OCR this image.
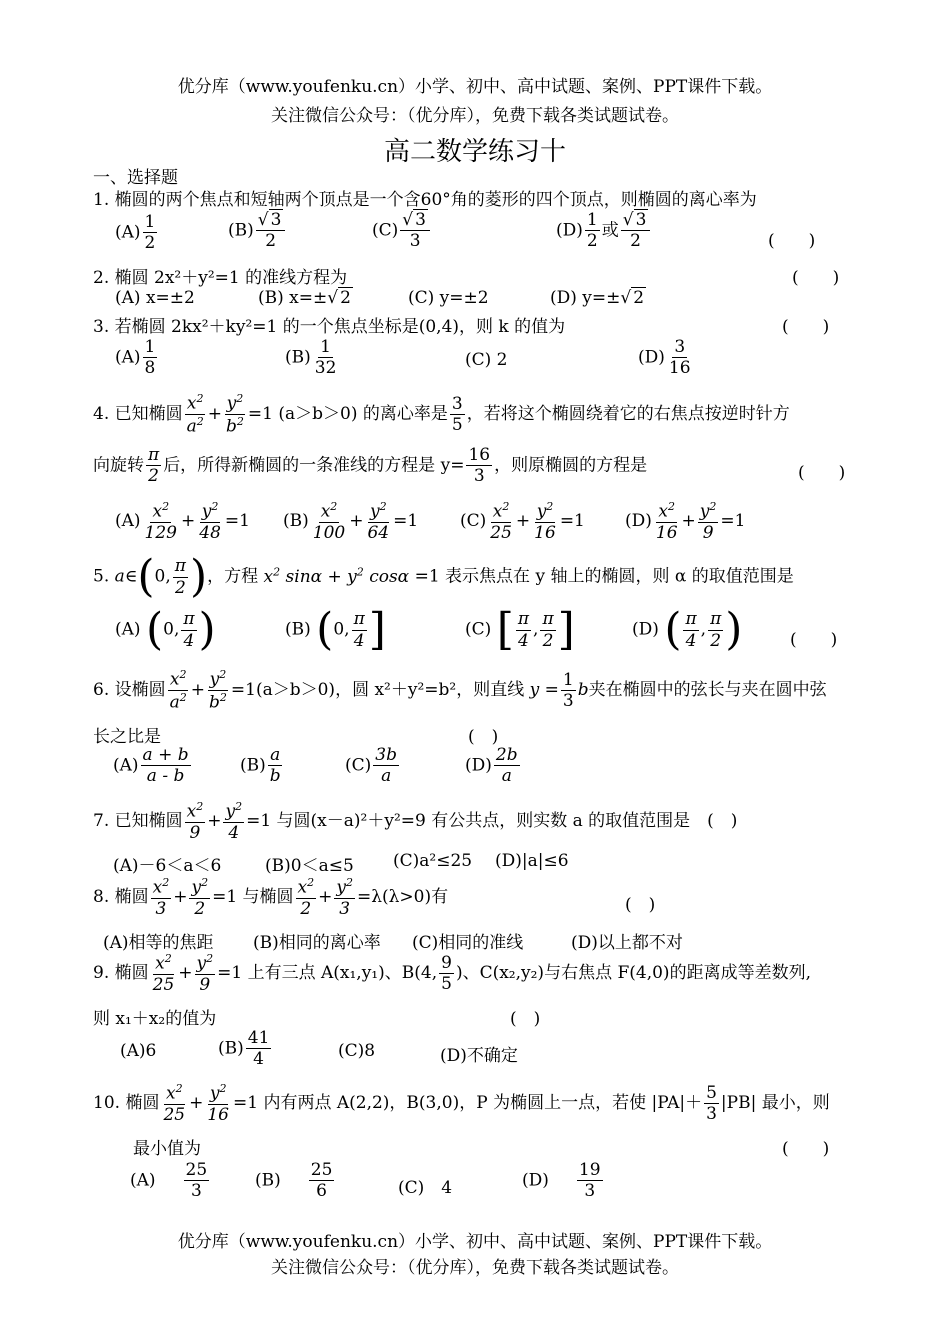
优分库（www.youfenku.cn）小学、初中、高中试题、案例、PPT课件下载。
关注微信公众号：（优分库），免费下载各类试题试卷。
高二数学练习十
一、选择题
1. 椭圆的两个焦点和短轴两个顶点是一个含60°角的菱形的四个顶点，则椭圆的离心率为
$(A) \frac{1}{2}$	$(B) \frac{√ 3}{2}$	$(C) \frac{√ 3}{3}$	$(D) \frac{1}{2}$ 或 $\frac{√ 3}{2}$	(　　)
2. 椭圆 2x²＋y²=1 的准线方程为	(　　)
(A) x=±2	(B) x=±√ 2	(C) y=±2	(D) y=±√ 2
3. 若椭圆 2kx²＋ky²=1 的一个焦点坐标是(0,4)，则 k 的值为	(　　)
$(A) \frac{1}{8}$	$(B) \frac{1}{32}$	(C) 2	$(D) \frac{3}{16}$
4. 已知椭圆 $\frac{x^2}{a^2} + \frac{y^2}{b^2} =1$ (a＞b＞0) 的离心率是 $\frac{3}{5}$ ，若将这个椭圆绕着它的右焦点按逆时针方
向旋转 $\frac{\pi}{2}$ 后，所得新椭圆的一条准线的方程是 $y= \frac{16}{3}$ ，则原椭圆的方程是	(　　)
$(A) \frac{x^2}{129} + \frac{y^2}{48} =1$ $(B) \frac{x^2}{100} + \frac{y^2}{64} =1$ $(C) \frac{x^2}{25} + \frac{y^2}{16} =1$ $(D) \frac{x^2}{16} + \frac{y^2}{9} =1$
5. a∈(0, $\frac{\pi}{2}$ )，方程 $x^2$ $\sin\alpha + y^2$ cosα =1 表示焦点在 y 轴上的椭圆，则 α 的取值范围是
(A) (0, $\frac{\pi}{4}$ )	(B) (0, $\frac{\pi}{4}$ ]	(C) [ $\frac{\pi}{4}$ , $\frac{\pi}{2}$ ]	(D) ( $\frac{\pi}{4}$ , $\frac{\pi}{2}$ )	(　　)
6. 设椭圆 $\frac{x^2}{a^2} + \frac{y^2}{b^2} =1(a>b>0)$，圆 x²＋y²=b²，则直线 $y = \frac{1}{3}$ b夹在椭圆中的弦长与夹在圆中弦
长之比是	(　)
$(A) \frac{a + b}{a - b}$	$(B) \frac{a}{b}$	$(C) \frac{3b}{a}$	$(D) \frac{2b}{a}$
7. 已知椭圆 $\frac{x^2}{9} + \frac{y^2}{4} =1$ 与圆(x－a)²＋y²=9 有公共点，则实数 a 的取值范围是　(　)
(A)－6＜a＜6	(B)0＜a≤5 (C)a²≤25 (D)|a|≤6
8. 椭圆 $\frac{x^2}{3} + \frac{y^2}{2} =1$ 与椭圆 $\frac{x^2}{2} + \frac{y^2}{3} =\lambda(\lambda>0)$有	(　)
(A)相等的焦距 (B)相同的离心率 (C)相同的准线	(D)以上都不对
9. 椭圆 $\frac{x^2}{25} + \frac{y^2}{9} =1$ 上有三点 A(x₁,y₁)、B(4, $\frac{9}{5}$ )、C(x₂,y₂)与右焦点 F(4,0)的距离成等差数列,
则 x₁＋x₂的值为	(　)
(A)6	$(B) \frac{41}{4}$	(C)8	(D)不确定
10. 椭圆 $\frac{x^2}{25} + \frac{y^2}{16} =1$ 内有两点 A(2,2)，B(3,0)，P 为椭圆上一点，若使 $|PA|+ \frac{5}{3} |PB|$ 最小，则
最小值为	(　　)
$(A) \frac{25}{3}$	$(B) \frac{25}{6}$	(C)　4	$(D) \frac{19}{3}$
优分库（www.youfenku.cn）小学、初中、高中试题、案例、PPT课件下载。
关注微信公众号：（优分库），免费下载各类试题试卷。
